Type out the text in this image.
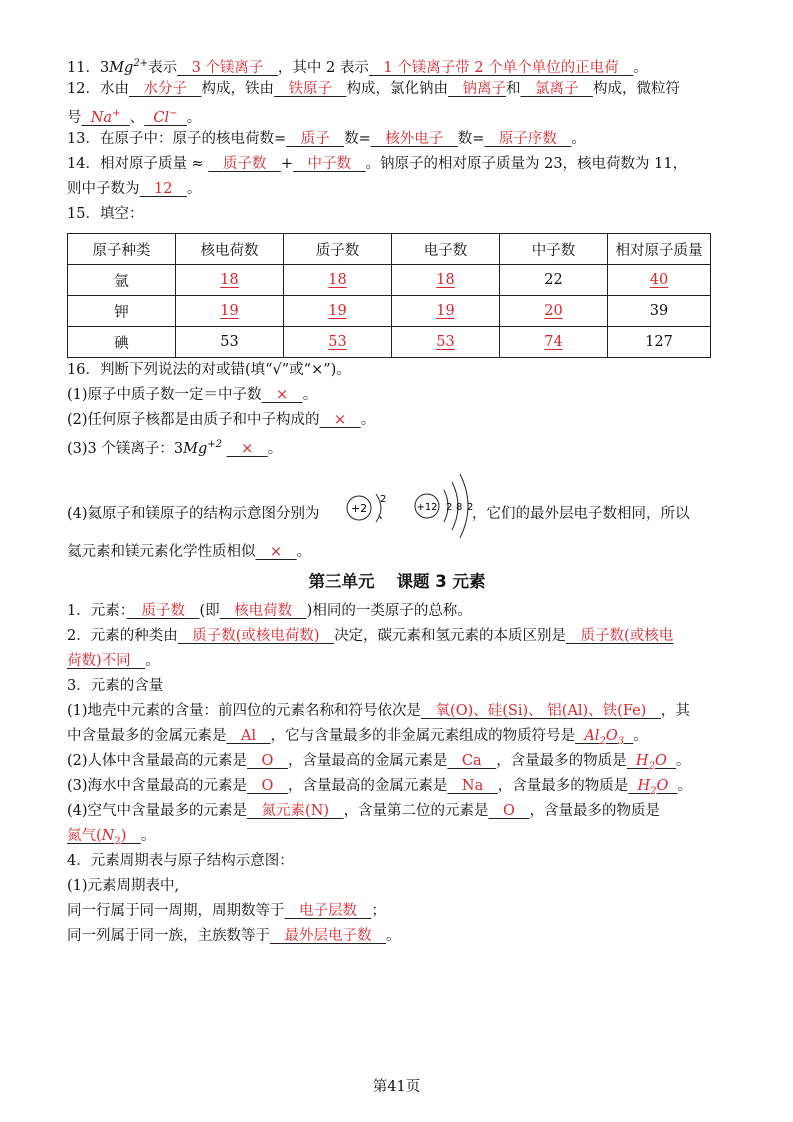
11．$3Mg^{2+}$表示　3 个镁离子　，其中 2 表示　1 个镁离子带 2 个单个单位的正电荷　。
12．水由　水分子　构成，铁由　铁原子　构成，氯化钠由　钠离子和　氯离子　构成，微粒符
号 Na+ 、 Cl− 。
13．在原子中：原子的核电荷数=　质子　数=　核外电子　数=　原子序数　。
14．相对原子质量 ≈ 　质子数　+　中子数　。钠原子的相对原子质量为 23，核电荷数为 11，
则中子数为　12　。
15．填空：
原子种类	核电荷数	质子数	电子数	中子数	相对原子质量
氩	18	18	18	22	40
钾	19	19	19	20	39
碘	53	53	53	74	127
16．判断下列说法的对或错(填“√”或“×”)。
(1)原子中质子数一定＝中子数　×　。
(2)任何原子核都是由质子和中子构成的　×　。
(3)3 个镁离子：$3Mg^{+2}$ 　×　。
(4)氦原子和镁原子的结构示意图分别为	、	，它们的最外层电子数相同，所以
+2
2
+12 2 8 2
氦元素和镁元素化学性质相似　×　。
第三单元 课题 3 元素
1．元素：　质子数　(即　核电荷数　)相同的一类原子的总称。
2．元素的种类由　质子数(或核电荷数)　决定，碳元素和氢元素的本质区别是　质子数(或核电
荷数)不同　。
3．元素的含量
(1)地壳中元素的含量：前四位的元素名称和符号依次是　氧(O)、硅(Si)、 铝(Al)、铁(Fe)　，其
中含量最多的金属元素是　Al　，它与含量最多的非金属元素组成的物质符号是 $Al_2O_3$ 。
(2)人体中含量最高的元素是　O　，含量最高的金属元素是　Ca　，含量最多的物质是 $H_2O$ 。
(3)海水中含量最高的元素是　O　，含量最高的金属元素是　Na　，含量最多的物质是 $H_2O$ 。
(4)空气中含量最多的元素是　氮元素(N)　，含量第二位的元素是　O　，含量最多的物质是
氮气$(N_2)$　。
4．元素周期表与原子结构示意图：
(1)元素周期表中,
同一行属于同一周期，周期数等于　电子层数　；
同一列属于同一族，主族数等于　最外层电子数　。
第41页
